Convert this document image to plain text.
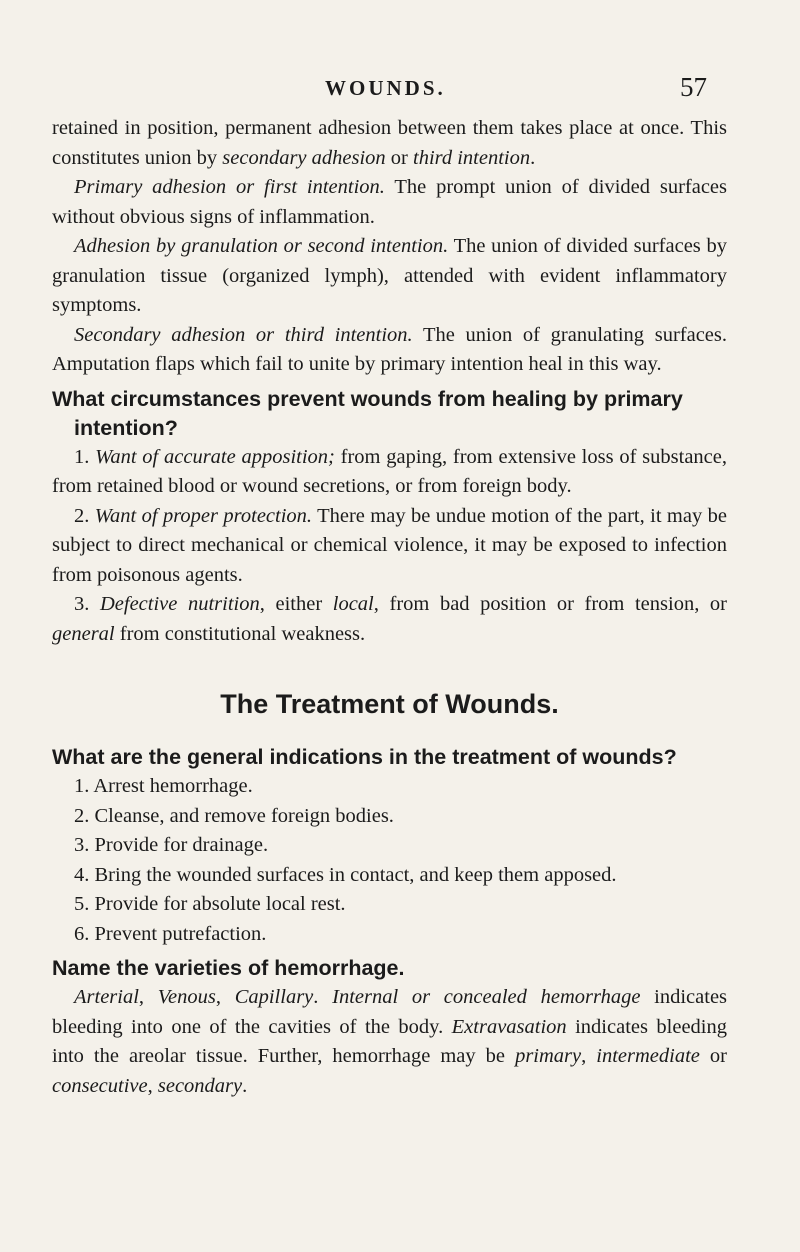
WOUNDS.	57

retained in position, permanent adhesion between them takes place at once. This constitutes union by secondary adhesion or third intention.

Primary adhesion or first intention. The prompt union of divided surfaces without obvious signs of inflammation.

Adhesion by granulation or second intention. The union of divided surfaces by granulation tissue (organized lymph), attended with evident inflammatory symptoms.

Secondary adhesion or third intention. The union of granulating surfaces. Amputation flaps which fail to unite by primary intention heal in this way.

What circumstances prevent wounds from healing by primary
intention?

1. Want of accurate apposition; from gaping, from extensive loss of substance, from retained blood or wound secretions, or from foreign body.

2. Want of proper protection. There may be undue motion of the part, it may be subject to direct mechanical or chemical violence, it may be exposed to infection from poisonous agents.

3. Defective nutrition, either local, from bad position or from tension, or general from constitutional weakness.

The Treatment of Wounds.
What are the general indications in the treatment of wounds?

1. Arrest hemorrhage.

2. Cleanse, and remove foreign bodies.

3. Provide for drainage.

4. Bring the wounded surfaces in contact, and keep them apposed.

5. Provide for absolute local rest.

6. Prevent putrefaction.

Name the varieties of hemorrhage.

Arterial, Venous, Capillary. Internal or concealed hemorrhage indicates bleeding into one of the cavities of the body. Extravasation indicates bleeding into the areolar tissue. Further, hemorrhage may be primary, intermediate or consecutive, secondary.
